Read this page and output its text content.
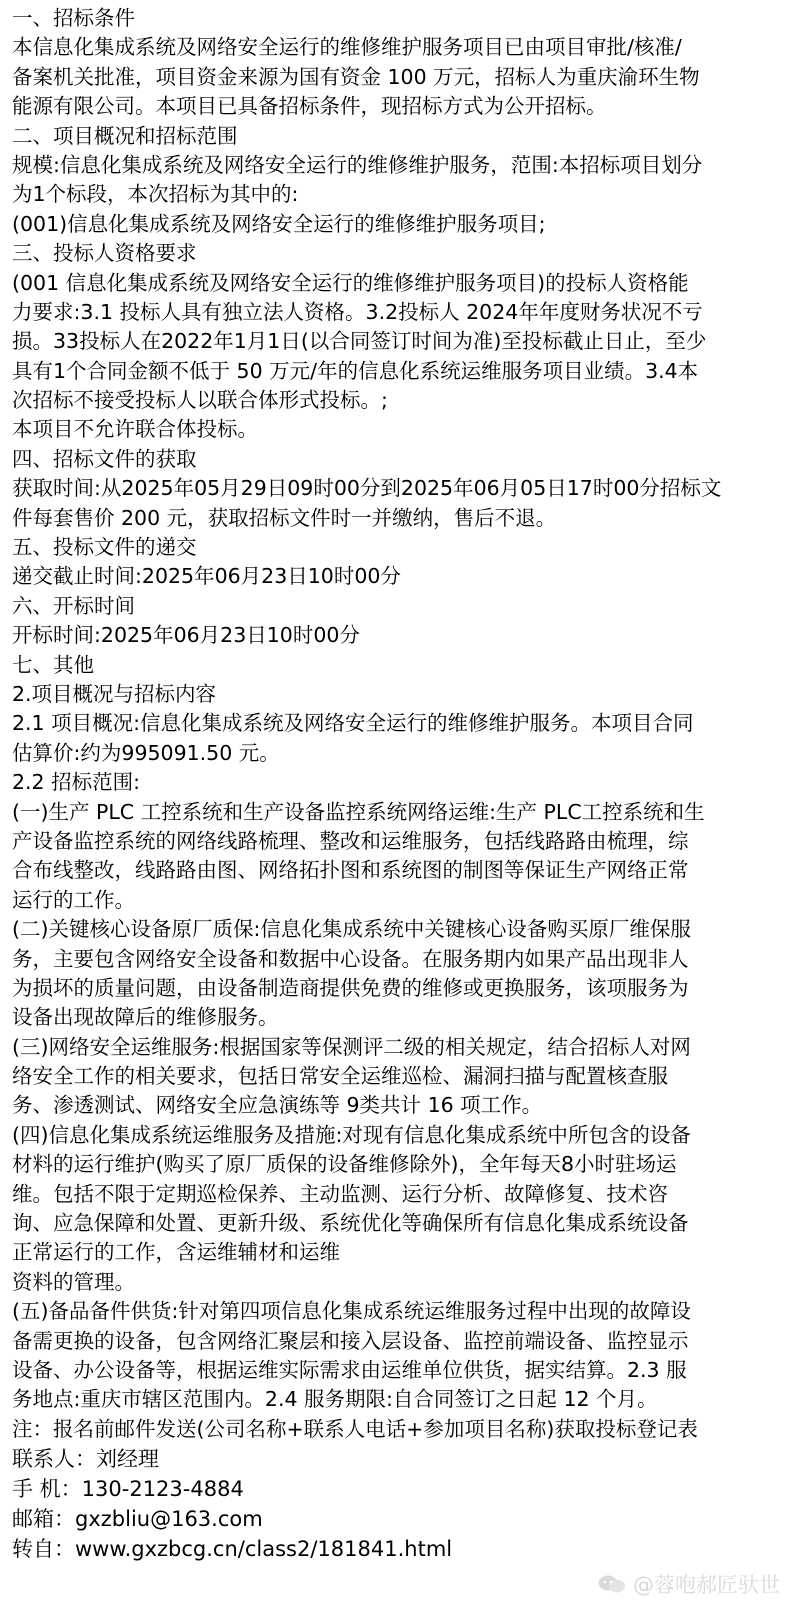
一、招标条件
本信息化集成系统及网络安全运行的维修维护服务项目已由项目审批/核准/
备案机关批准，项目资金来源为国有资金 100 万元，招标人为重庆渝环生物
能源有限公司。本项目已具备招标条件，现招标方式为公开招标。
二、项目概况和招标范围
规模:信息化集成系统及网络安全运行的维修维护服务，范围:本招标项目划分
为1个标段，本次招标为其中的:
(001)信息化集成系统及网络安全运行的维修维护服务项目;
三、投标人资格要求
(001 信息化集成系统及网络安全运行的维修维护服务项目)的投标人资格能
力要求:3.1 投标人具有独立法人资格。3.2投标人 2024年年度财务状况不亏
损。33投标人在2022年1月1日(以合同签订时间为准)至投标截止日止，至少
具有1个合同金额不低于 50 万元/年的信息化系统运维服务项目业绩。3.4本
次招标不接受投标人以联合体形式投标。;
本项目不允许联合体投标。
四、招标文件的获取
获取时间:从2025年05月29日09时00分到2025年06月05日17时00分招标文
件每套售价 200 元，获取招标文件时一并缴纳，售后不退。
五、投标文件的递交
递交截止时间:2025年06月23日10时00分
六、开标时间
开标时间:2025年06月23日10时00分
七、其他
2.项目概况与招标内容
2.1 项目概况:信息化集成系统及网络安全运行的维修维护服务。本项目合同
估算价:约为995091.50 元。
2.2 招标范围:
(一)生产 PLC 工控系统和生产设备监控系统网络运维:生产 PLC工控系统和生
产设备监控系统的网络线路梳理、整改和运维服务，包括线路路由梳理，综
合布线整改，线路路由图、网络拓扑图和系统图的制图等保证生产网络正常
运行的工作。
(二)关键核心设备原厂质保:信息化集成系统中关键核心设备购买原厂维保服
务，主要包含网络安全设备和数据中心设备。在服务期内如果产品出现非人
为损坏的质量问题，由设备制造商提供免费的维修或更换服务，该项服务为
设备出现故障后的维修服务。
(三)网络安全运维服务:根据国家等保测评二级的相关规定，结合招标人对网
络安全工作的相关要求，包括日常安全运维巡检、漏洞扫描与配置核查服
务、渗透测试、网络安全应急演练等 9类共计 16 项工作。
(四)信息化集成系统运维服务及措施:对现有信息化集成系统中所包含的设备
材料的运行维护(购买了原厂质保的设备维修除外)，全年每天8小时驻场运
维。包括不限于定期巡检保养、主动监测、运行分析、故障修复、技术咨
询、应急保障和处置、更新升级、系统优化等确保所有信息化集成系统设备
正常运行的工作，含运维辅材和运维
资料的管理。
(五)备品备件供货:针对第四项信息化集成系统运维服务过程中出现的故障设
备需更换的设备，包含网络汇聚层和接入层设备、监控前端设备、监控显示
设备、办公设备等，根据运维实际需求由运维单位供货，据实结算。2.3 服
务地点:重庆市辖区范围内。2.4 服务期限:自合同签订之日起 12 个月。
注：报名前邮件发送(公司名称+联系人电话+参加项目名称)获取投标登记表
联系人：刘经理
手 机：130-2123-4884
邮箱：gxzbliu@163.com
转自：www.gxzbcg.cn/class2/181841.html
@蓉咆郝匠驮世
